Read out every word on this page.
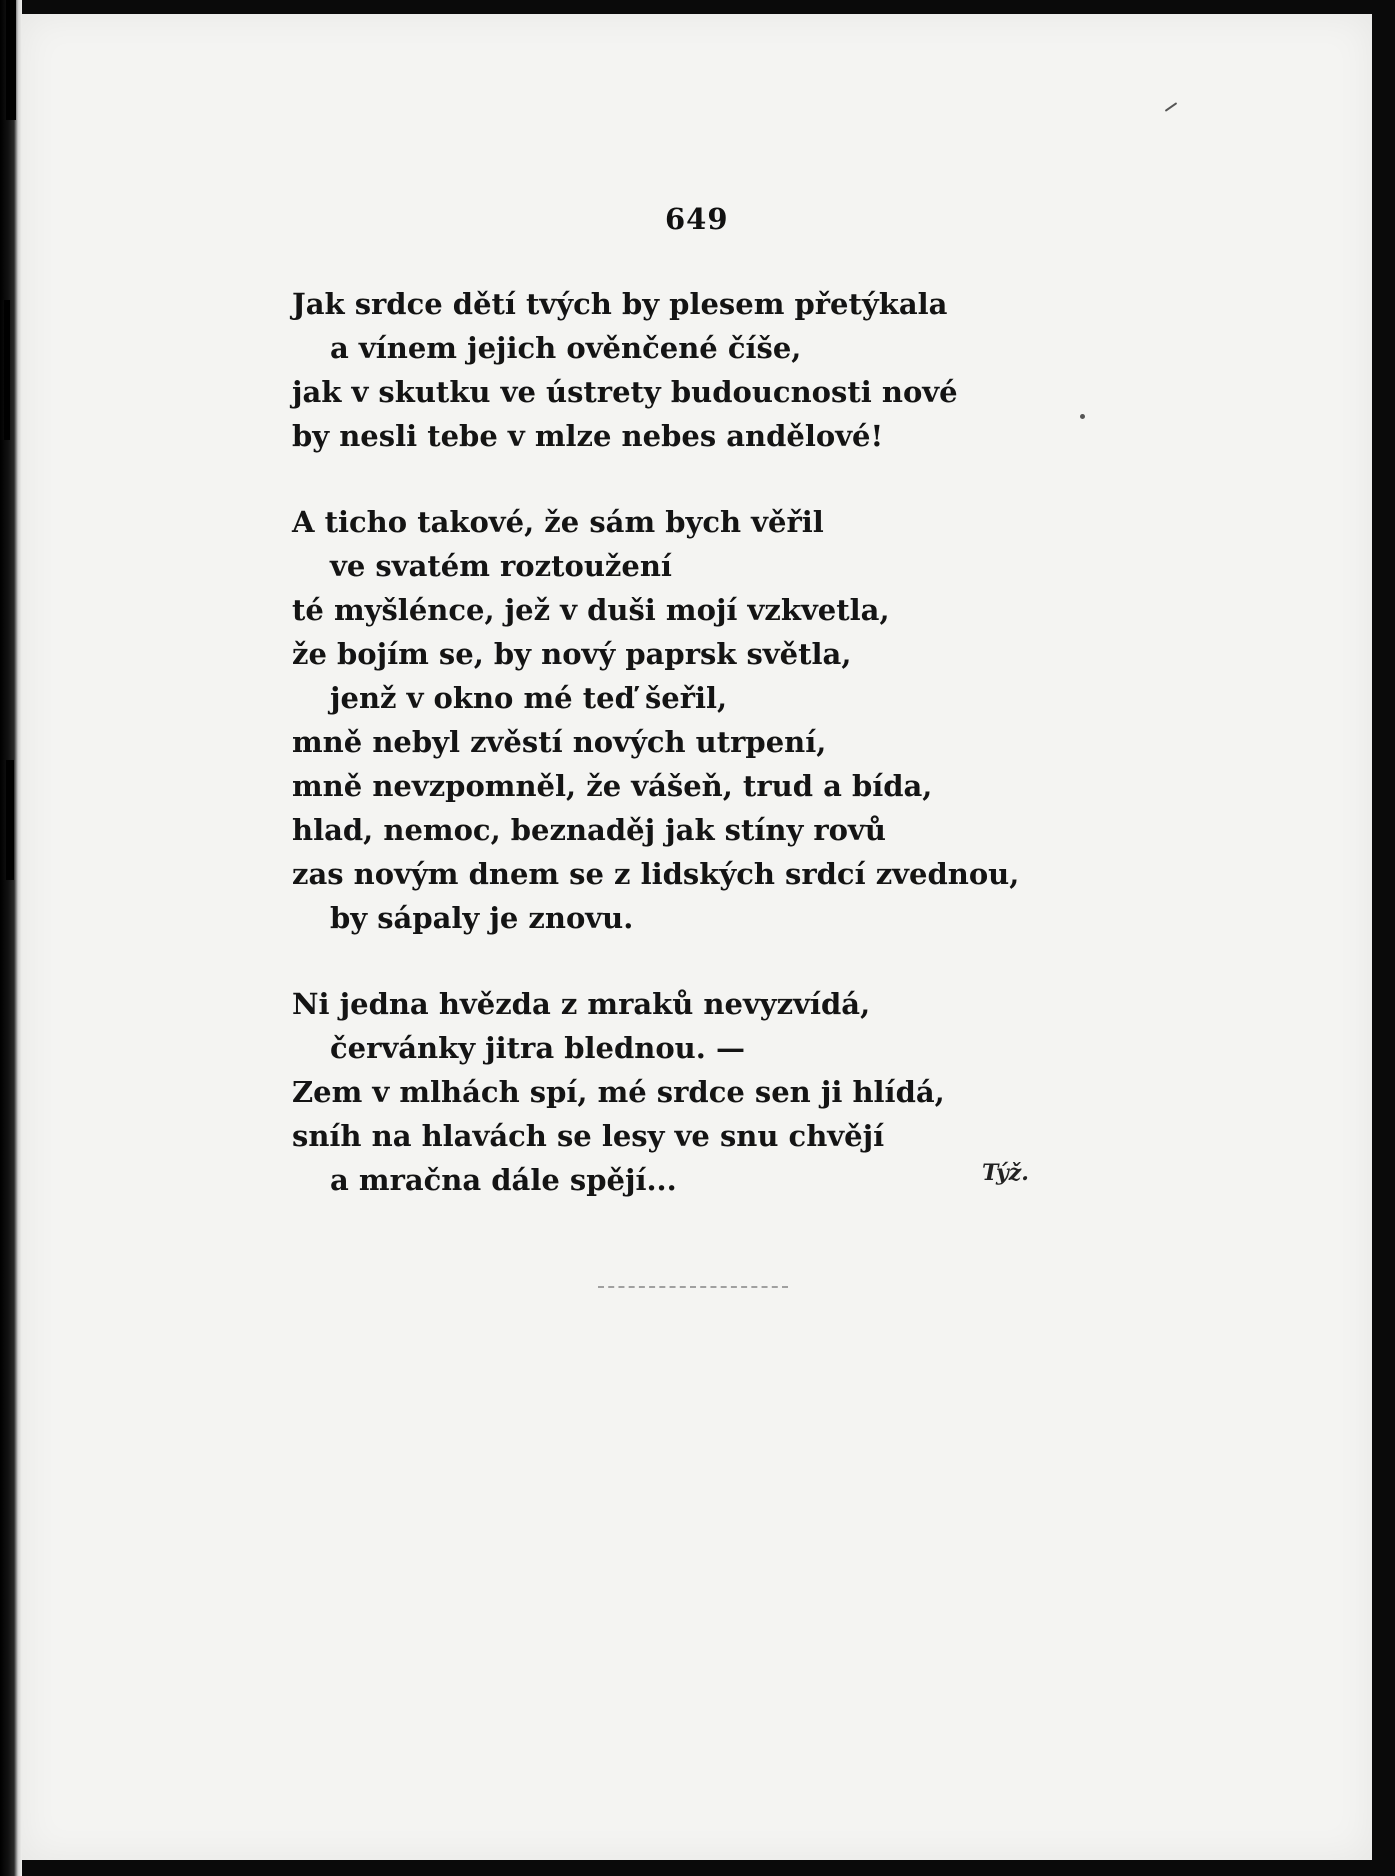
649
Jak srdce dětí tvých by plesem přetýkala
a vínem jejich ověnčené číše,
jak v skutku ve ústrety budoucnosti nové
by nesli tebe v mlze nebes andělové!
A ticho takové, že sám bych věřil
ve svatém roztoužení
té myšlénce, jež v duši mojí vzkvetla,
že bojím se, by nový paprsk světla,
jenž v okno mé teď šeřil,
mně nebyl zvěstí nových utrpení,
mně nevzpomněl, že vášeň, trud a bída,
hlad, nemoc, beznaděj jak stíny rovů
zas novým dnem se z lidských srdcí zvednou,
by sápaly je znovu.
Ni jedna hvězda z mraků nevyzvídá,
červánky jitra blednou. —
Zem v mlhách spí, mé srdce sen ji hlídá,
sníh na hlavách se lesy ve snu chvějí
a mračna dále spějí...	Týž.
